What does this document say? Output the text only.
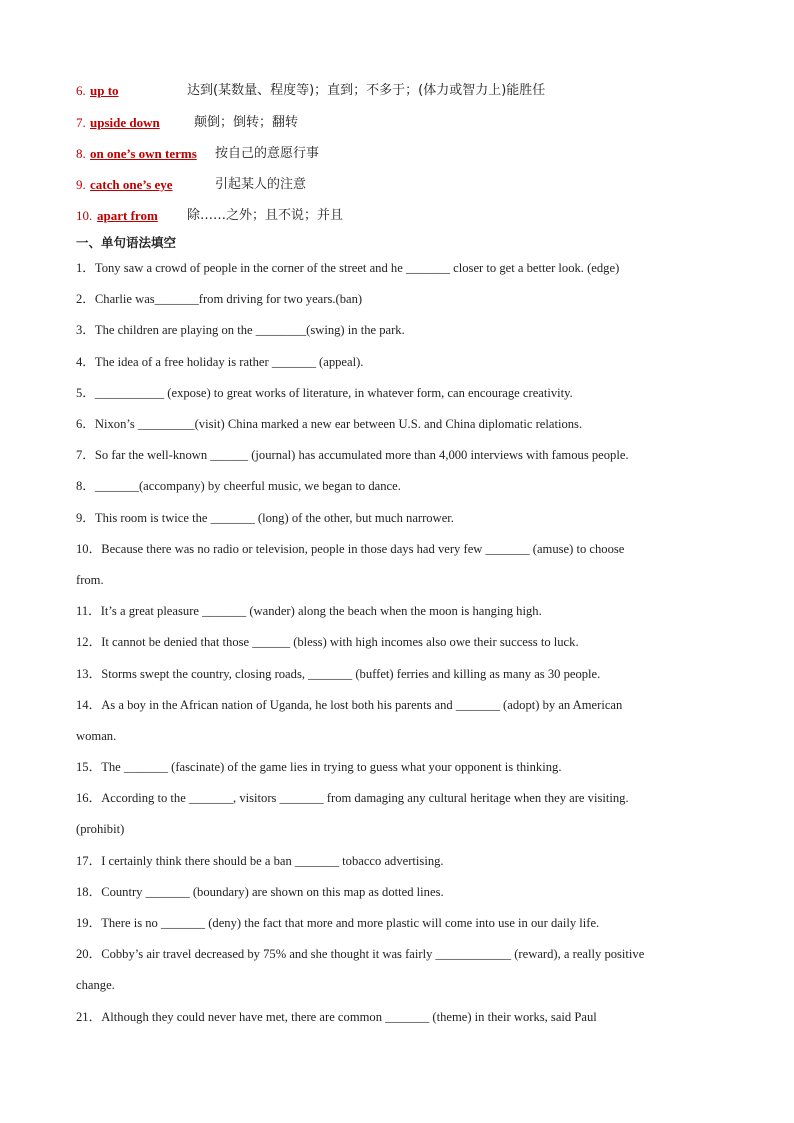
6. up to	达到(某数量、程度等)；直到；不多于；(体力或智力上)能胜任
7. upside down	颠倒；倒转；翻转
8. on one’s own terms 按自己的意愿行事
9. catch one’s eye	引起某人的注意
10. apart from 除……之外；且不说；并且
一、单句语法填空
1．Tony saw a crowd of people in the corner of the street and he _______ closer to get a better look. (edge)
2．Charlie was_______from driving for two years.(ban)
3．The children are playing on the ________(swing) in the park.
4．The idea of a free holiday is rather _______ (appeal).
5．___________ (expose) to great works of literature, in whatever form, can encourage creativity.
6．Nixon’s _________(visit) China marked a new ear between U.S. and China diplomatic relations.
7．So far the well-known ______ (journal) has accumulated more than 4,000 interviews with famous people.
8．_______(accompany) by cheerful music, we began to dance.
9．This room is twice the _______ (long) of the other, but much narrower.
10．Because there was no radio or television, people in those days had very few _______ (amuse) to choose
from.
11．It’s a great pleasure _______ (wander) along the beach when the moon is hanging high.
12．It cannot be denied that those ______ (bless) with high incomes also owe their success to luck.
13．Storms swept the country, closing roads, _______ (buffet) ferries and killing as many as 30 people.
14．As a boy in the African nation of Uganda, he lost both his parents and _______ (adopt) by an American
woman.
15．The _______ (fascinate) of the game lies in trying to guess what your opponent is thinking.
16．According to the _______, visitors _______ from damaging any cultural heritage when they are visiting.
(prohibit)
17．I certainly think there should be a ban _______ tobacco advertising.
18．Country _______ (boundary) are shown on this map as dotted lines.
19．There is no _______ (deny) the fact that more and more plastic will come into use in our daily life.
20．Cobby’s air travel decreased by 75% and she thought it was fairly ____________ (reward), a really positive
change.
21．Although they could never have met, there are common _______ (theme) in their works, said Paul
